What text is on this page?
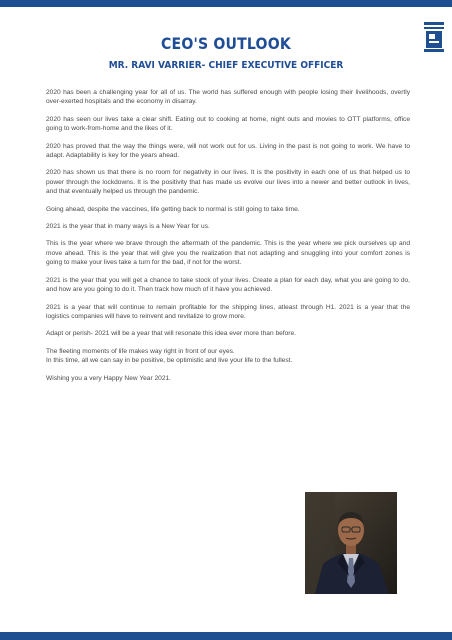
CEO'S OUTLOOK
MR. RAVI VARRIER- CHIEF EXECUTIVE OFFICER

2020 has been a challenging year for all of us. The world has suffered enough with people losing their livelihoods, overtly over-exerted hospitals and the economy in disarray.

2020 has seen our lives take a clear shift. Eating out to cooking at home, night outs and movies to OTT platforms, office going to work-from-home and the likes of it.

2020 has proved that the way the things were, will not work out for us. Living in the past is not going to work. We have to adapt. Adaptability is key for the years ahead.

2020 has shown us that there is no room for negativity in our lives. It is the positivity in each one of us that helped us to power through the lockdowns. It is the positivity that has made us evolve our lives into a newer and better outlook in lives, and that eventually helped us through the pandemic.

Going ahead, despite the vaccines, life getting back to normal is still going to take time.

2021 is the year that in many ways is a New Year for us.

This is the year where we brave through the aftermath of the pandemic. This is the year where we pick ourselves up and move ahead. This is the year that will give you the realization that not adapting and snuggling into your comfort zones is going to make your lives take a turn for the bad, if not for the worst.

2021 is the year that you will get a chance to take stock of your lives. Create a plan for each day, what you are going to do, and how are you going to do it. Then track how much of it have you achieved.

2021 is a year that will continue to remain profitable for the shipping lines, atleast through H1. 2021 is a year that the logistics companies will have to reinvent and revitalize to grow more.

Adapt or perish- 2021 will be a year that will resonate this idea ever more than before.

The fleeting moments of life makes way right in front of our eyes.

In this time, all we can say in be positive, be optimistic and live your life to the fullest.

Wishing you a very Happy New Year 2021.
